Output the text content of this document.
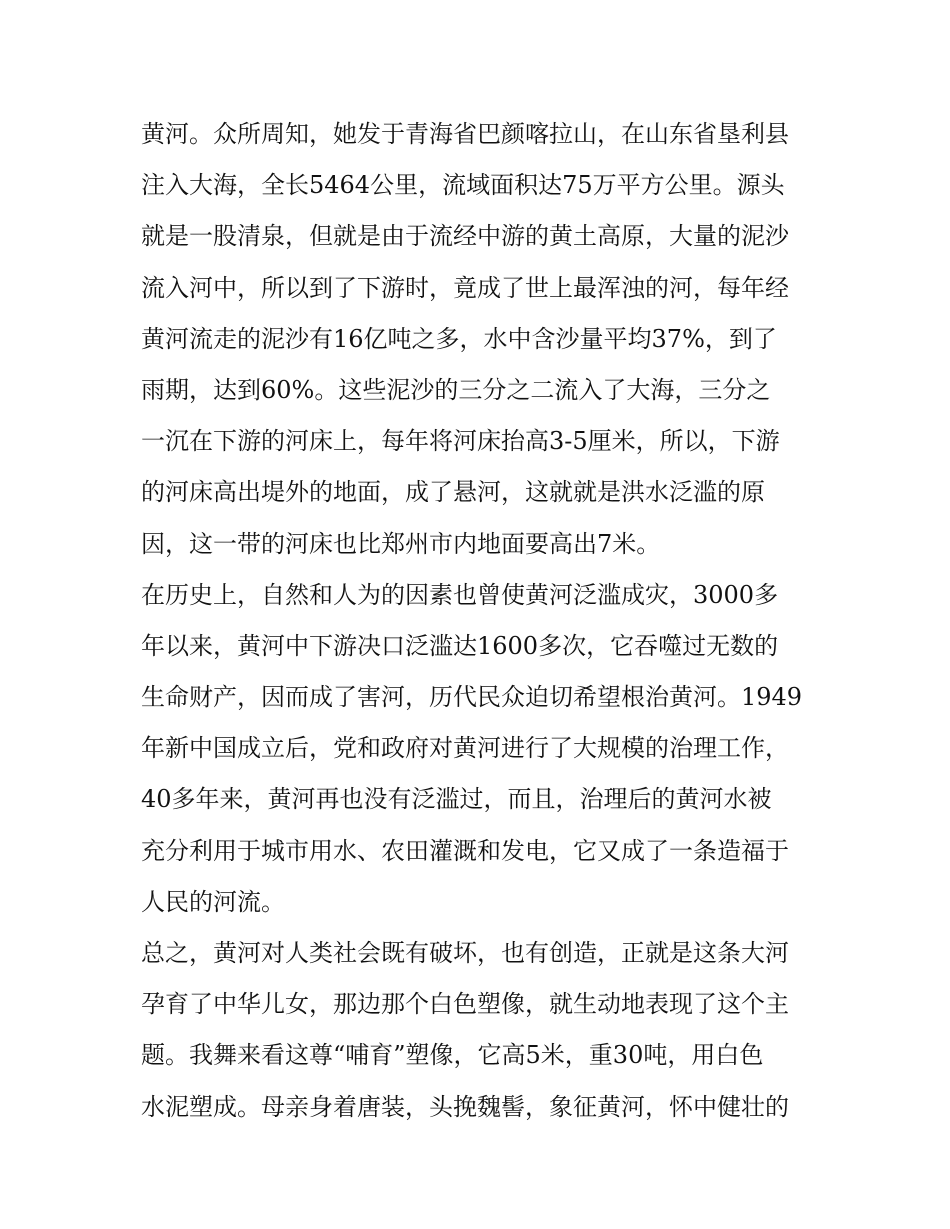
黄河。众所周知，她发于青海省巴颜喀拉山，在山东省垦利县
注入大海，全长5464公里，流域面积达75万平方公里。源头
就是一股清泉，但就是由于流经中游的黄土高原，大量的泥沙
流入河中，所以到了下游时，竟成了世上最浑浊的河，每年经
黄河流走的泥沙有16亿吨之多，水中含沙量平均37%，到了
雨期，达到60%。这些泥沙的三分之二流入了大海，三分之
一沉在下游的河床上，每年将河床抬高3-5厘米，所以，下游
的河床高出堤外的地面，成了悬河，这就就是洪水泛滥的原
因，这一带的河床也比郑州市内地面要高出7米。
在历史上，自然和人为的因素也曾使黄河泛滥成灾，3000多
年以来，黄河中下游决口泛滥达1600多次，它吞噬过无数的
生命财产，因而成了害河，历代民众迫切希望根治黄河。1949
年新中国成立后，党和政府对黄河进行了大规模的治理工作，
40多年来，黄河再也没有泛滥过，而且，治理后的黄河水被
充分利用于城市用水、农田灌溉和发电，它又成了一条造福于
人民的河流。
总之，黄河对人类社会既有破坏，也有创造，正就是这条大河
孕育了中华儿女，那边那个白色塑像，就生动地表现了这个主
题。我舞来看这尊“哺育”塑像，它高5米，重30吨，用白色
水泥塑成。母亲身着唐装，头挽魏髻，象征黄河，怀中健壮的
